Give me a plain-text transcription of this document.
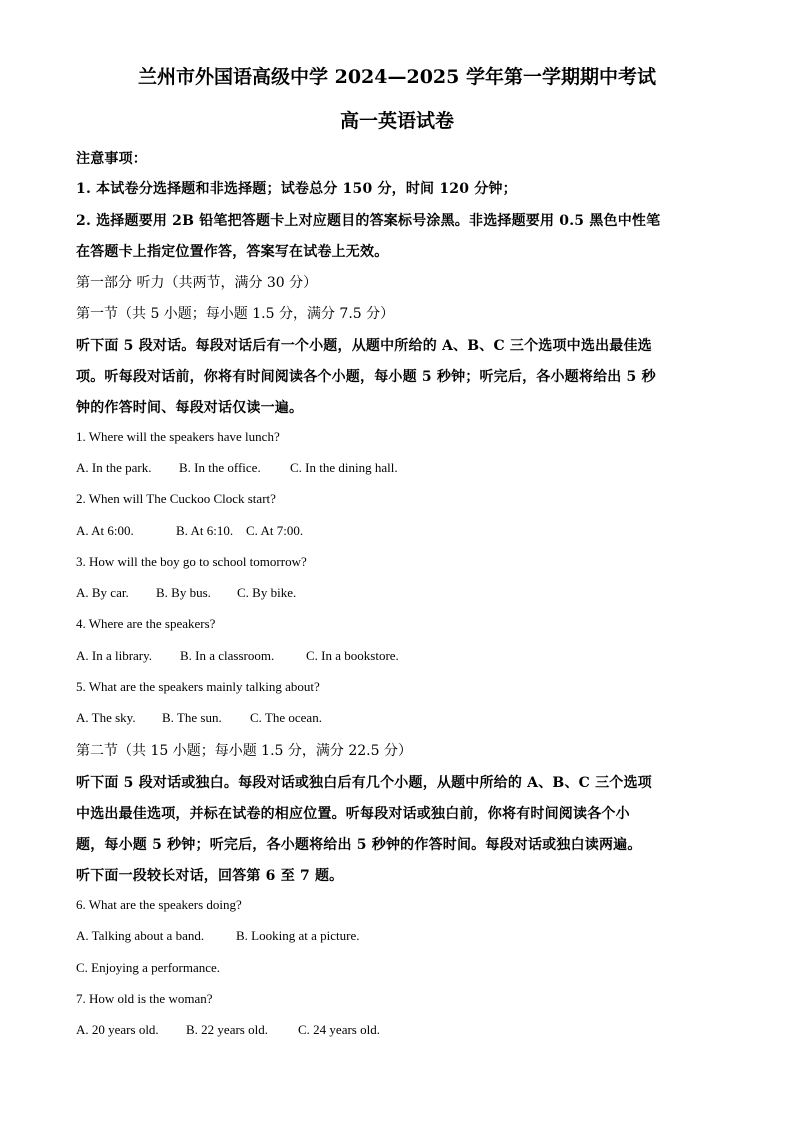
兰州市外国语高级中学 2024—2025 学年第一学期期中考试
高一英语试卷
注意事项：
1. 本试卷分选择题和非选择题；试卷总分 150 分，时间 120 分钟；
2. 选择题要用 2B 铅笔把答题卡上对应题目的答案标号涂黑。非选择题要用 0.5 黑色中性笔
在答题卡上指定位置作答，答案写在试卷上无效。
第一部分 听力（共两节，满分 30 分）
第一节（共 5 小题；每小题 1.5 分，满分 7.5 分）
听下面 5 段对话。每段对话后有一个小题，从题中所给的 A、B、C 三个选项中选出最佳选
项。听每段对话前，你将有时间阅读各个小题，每小题 5 秒钟；听完后，各小题将给出 5 秒
钟的作答时间、每段对话仅读一遍。
1. Where will the speakers have lunch?
A. In the park. B. In the office. C. In the dining hall.
2. When will The Cuckoo Clock start?
A. At 6:00.	B. At 6:10. C. At 7:00.
3. How will the boy go to school tomorrow?
A. By car. B. By bus. C. By bike.
4. Where are the speakers?
A. In a library. B. In a classroom. C. In a bookstore.
5. What are the speakers mainly talking about?
A. The sky. B. The sun. C. The ocean.
第二节（共 15 小题；每小题 1.5 分，满分 22.5 分）
听下面 5 段对话或独白。每段对话或独白后有几个小题，从题中所给的 A、B、C 三个选项
中选出最佳选项，并标在试卷的相应位置。听每段对话或独白前，你将有时间阅读各个小
题，每小题 5 秒钟；听完后，各小题将给出 5 秒钟的作答时间。每段对话或独白读两遍。
听下面一段较长对话，回答第 6 至 7 题。
6. What are the speakers doing?
A. Talking about a band. B. Looking at a picture.
C. Enjoying a performance.
7. How old is the woman?
A. 20 years old. B. 22 years old. C. 24 years old.
